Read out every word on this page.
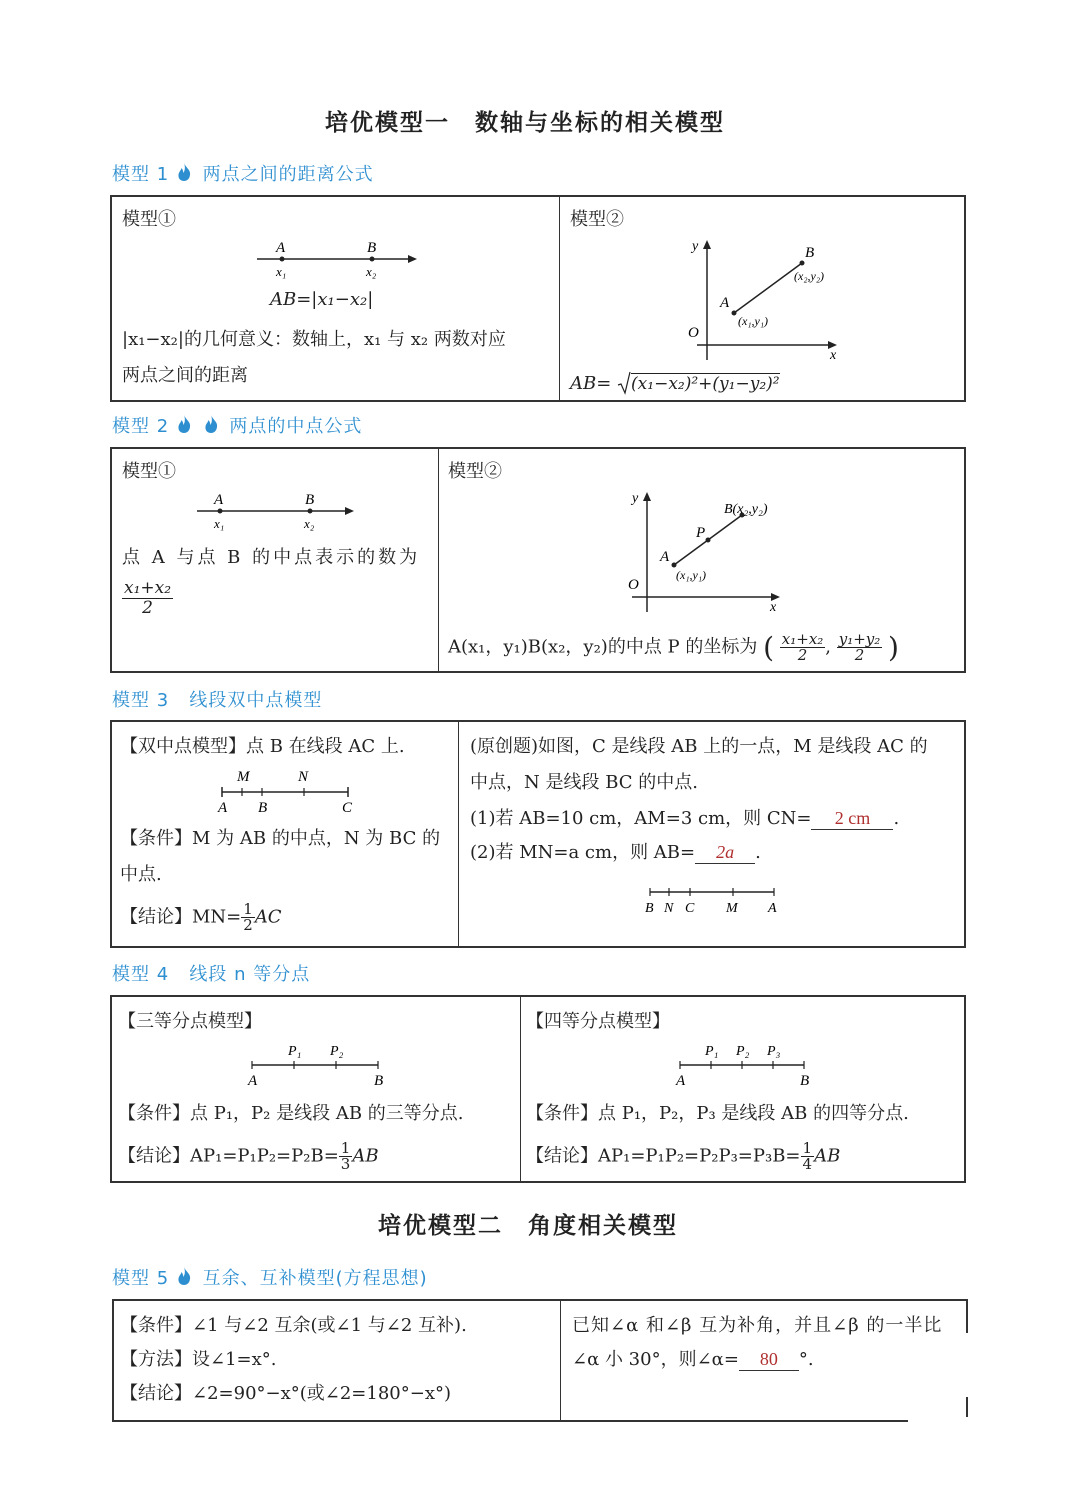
培优模型一　数轴与坐标的相关模型
模型 1 两点之间的距离公式
模型①
A	B
x₁	x₂
AB=|x₁−x₂|
|x₁−x₂|的几何意义：数轴上，x₁ 与 x₂ 两数对应
两点之间的距离
模型②
y
x
O
B
(x₂,y₂)
A
(x₁,y₁)
AB= (x₁−x₂)²+(y₁−y₂)²
模型 2	两点的中点公式
模型①
A	B
x₁	x₂
点 A 与点 B 的中点表示的数为
$\frac{\text{x₁+x₂}}{2}$
模型②
y
x
O
B(x₂,y₂)
P
A
(x₁,y₁)
A(x₁，y₁)B(x₂，y₂)的中点 P 的坐标为 ( $\frac{\text{x₁+x₂}}{2}$ , $\frac{\text{y₁+y₂}}{2}$ )
模型 3 线段双中点模型
【双中点模型】点 B 在线段 AC 上.
M	N
A B	C
【条件】M 为 AB 的中点，N 为 BC 的
中点.
【结论】$MN= \frac{1}{2}$ AC
(原创题)如图，C 是线段 AB 上的一点，M 是线段 AC 的
中点，N 是线段 BC 的中点.
(1)若 AB=10 cm，AM=3 cm，则 CN= 2 cm .
(2)若 MN=a cm，则 AB= 2a .
B N C M A
模型 4 线段 n 等分点
【三等分点模型】
P₁ P₂
A	B
【条件】点 P₁，P₂ 是线段 AB 的三等分点.
【结论】$AP_1=P_1P_2=P_2B= \frac{1}{3}$ AB
【四等分点模型】
P₁ P₂ P₃
A	B
【条件】点 P₁，P₂，P₃ 是线段 AB 的四等分点.
【结论】$AP_1=P_1P_2=P_2P_3=P_3B= \frac{1}{4}$ AB
培优模型二　角度相关模型
模型 5 互余、互补模型(方程思想)
【条件】∠1 与∠2 互余(或∠1 与∠2 互补).
【方法】设∠1=x°.
【结论】∠2=90°−x°(或∠2=180°−x°)
已知∠α 和∠β 互为补角，并且∠β 的一半比
∠α 小 30°，则∠α= 80 °.
